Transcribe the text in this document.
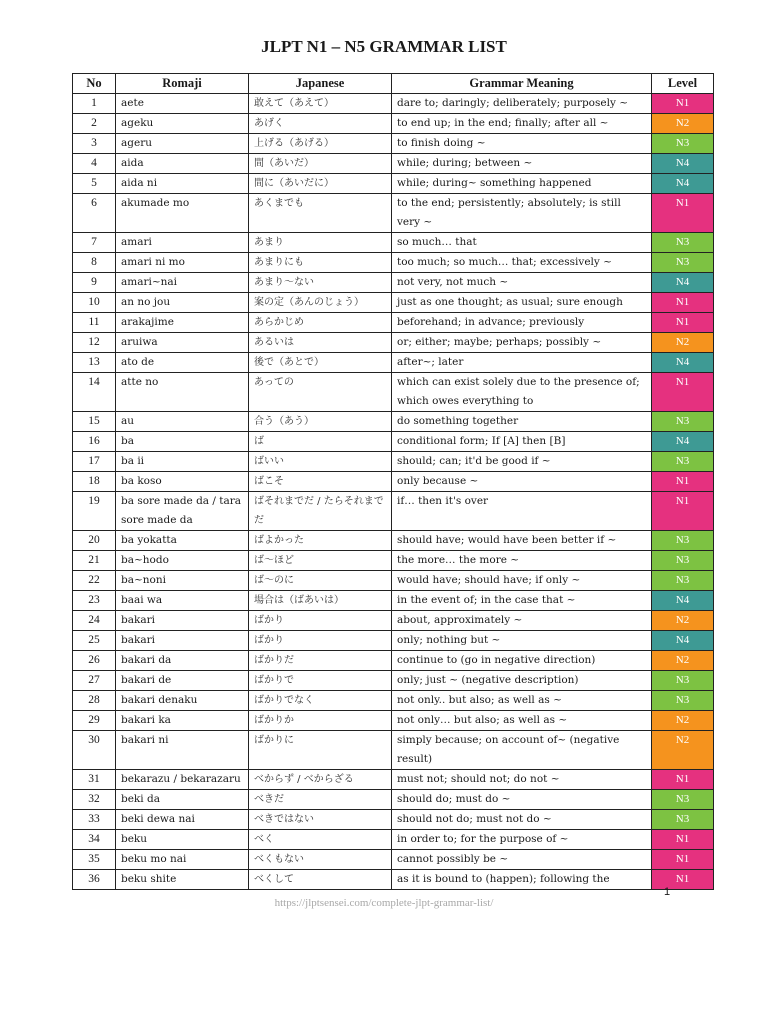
JLPT N1 – N5 GRAMMAR LIST
No	Romaji	Japanese	Grammar Meaning	Level
1	aete	敢えて（あえて）	dare to; daringly; deliberately; purposely ~	N1
2	ageku	あげく	to end up; in the end; finally; after all ~	N2
3	ageru	上げる（あげる）	to finish doing ~	N3
4	aida	間（あいだ）	while; during; between ~	N4
5	aida ni	間に（あいだに）	while; during~ something happened	N4
6	akumade mo	あくまでも	to the end; persistently; absolutely; is still very ~	N1
7	amari	あまり	so much… that	N3
8	amari ni mo	あまりにも	too much; so much… that; excessively ~	N3
9	amari~nai	あまり～ない	not very, not much ~	N4
10	an no jou	案の定（あんのじょう）	just as one thought; as usual; sure enough	N1
11	arakajime	あらかじめ	beforehand; in advance; previously	N1
12	aruiwa	あるいは	or; either; maybe; perhaps; possibly ~	N2
13	ato de	後で（あとで）	after~; later	N4
14	atte no	あっての	which can exist solely due to the presence of; which owes everything to	N1
15	au	合う（あう）	do something together	N3
16	ba	ば	conditional form; If [A] then [B]	N4
17	ba ii	ばいい	should; can; it'd be good if ~	N3
18	ba koso	ばこそ	only because ~	N1
19	ba sore made da / tara sore made da	ばそれまでだ / たらそれまでだ	if… then it's over	N1
20	ba yokatta	ばよかった	should have; would have been better if ~	N3
21	ba~hodo	ば～ほど	the more… the more ~	N3
22	ba~noni	ば～のに	would have; should have; if only ~	N3
23	baai wa	場合は（ばあいは）	in the event of; in the case that ~	N4
24	bakari	ばかり	about, approximately ~	N2
25	bakari	ばかり	only; nothing but ~	N4
26	bakari da	ばかりだ	continue to (go in negative direction)	N2
27	bakari de	ばかりで	only; just ~ (negative description)	N3
28	bakari denaku	ばかりでなく	not only.. but also; as well as ~	N3
29	bakari ka	ばかりか	not only… but also; as well as ~	N2
30	bakari ni	ばかりに	simply because; on account of~ (negative result)	N2
31	bekarazu / bekarazaru	べからず / べからざる	must not; should not; do not ~	N1
32	beki da	べきだ	should do; must do ~	N3
33	beki dewa nai	べきではない	should not do; must not do ~	N3
34	beku	べく	in order to; for the purpose of ~	N1
35	beku mo nai	べくもない	cannot possibly be ~	N1
36	beku shite	べくして	as it is bound to (happen); following the	N1
1
https://jlptsensei.com/complete-jlpt-grammar-list/
